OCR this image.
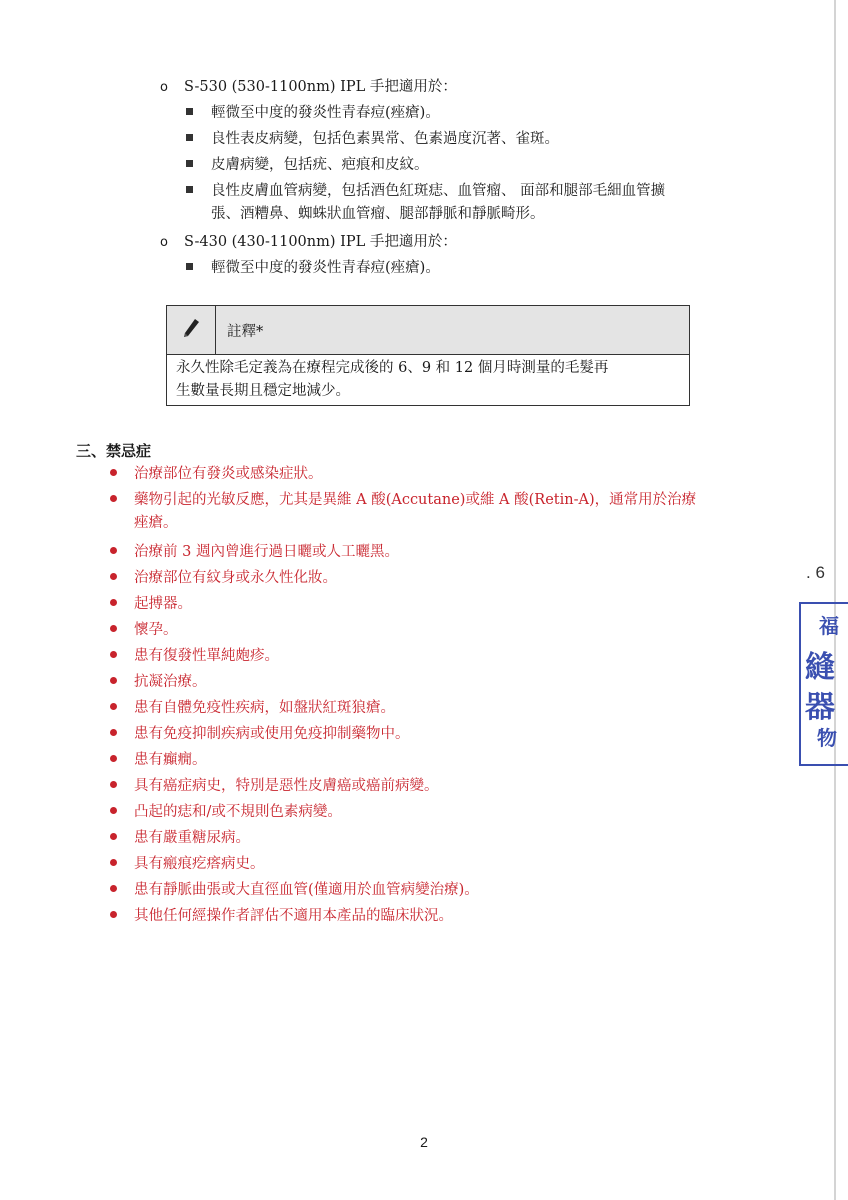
o S-530 (530-1100nm) IPL 手把適用於：
輕微至中度的發炎性青春痘(痤瘡)。
良性表皮病變，包括色素異常、色素過度沉著、雀斑。
皮膚病變，包括疣、疤痕和皮紋。
良性皮膚血管病變，包括酒色紅斑痣、血管瘤、 面部和腿部毛細血管擴
張、酒糟鼻、蜘蛛狀血管瘤、腿部靜脈和靜脈畸形。
o S-430 (430-1100nm) IPL 手把適用於：
輕微至中度的發炎性青春痘(痤瘡)。
註釋*
永久性除毛定義為在療程完成後的 6、9 和 12 個月時測量的毛髮再
生數量長期且穩定地減少。
三、禁忌症
治療部位有發炎或感染症狀。
藥物引起的光敏反應，尤其是異維 A 酸(Accutane)或維 A 酸(Retin-A)，通常用於治療
痤瘡。
治療前 3 週內曾進行過日曬或人工曬黑。
治療部位有紋身或永久性化妝。
起搏器。
懷孕。
患有復發性單純皰疹。
抗凝治療。
患有自體免疫性疾病，如盤狀紅斑狼瘡。
患有免疫抑制疾病或使用免疫抑制藥物中。
患有癲癇。
具有癌症病史，特別是惡性皮膚癌或癌前病變。
凸起的痣和/或不規則色素病變。
患有嚴重糖尿病。
具有瘢痕疙瘩病史。
患有靜脈曲張或大直徑血管(僅適用於血管病變治療)。
其他任何經操作者評估不適用本產品的臨床狀況。
. 6
福
縫
器
物
2
